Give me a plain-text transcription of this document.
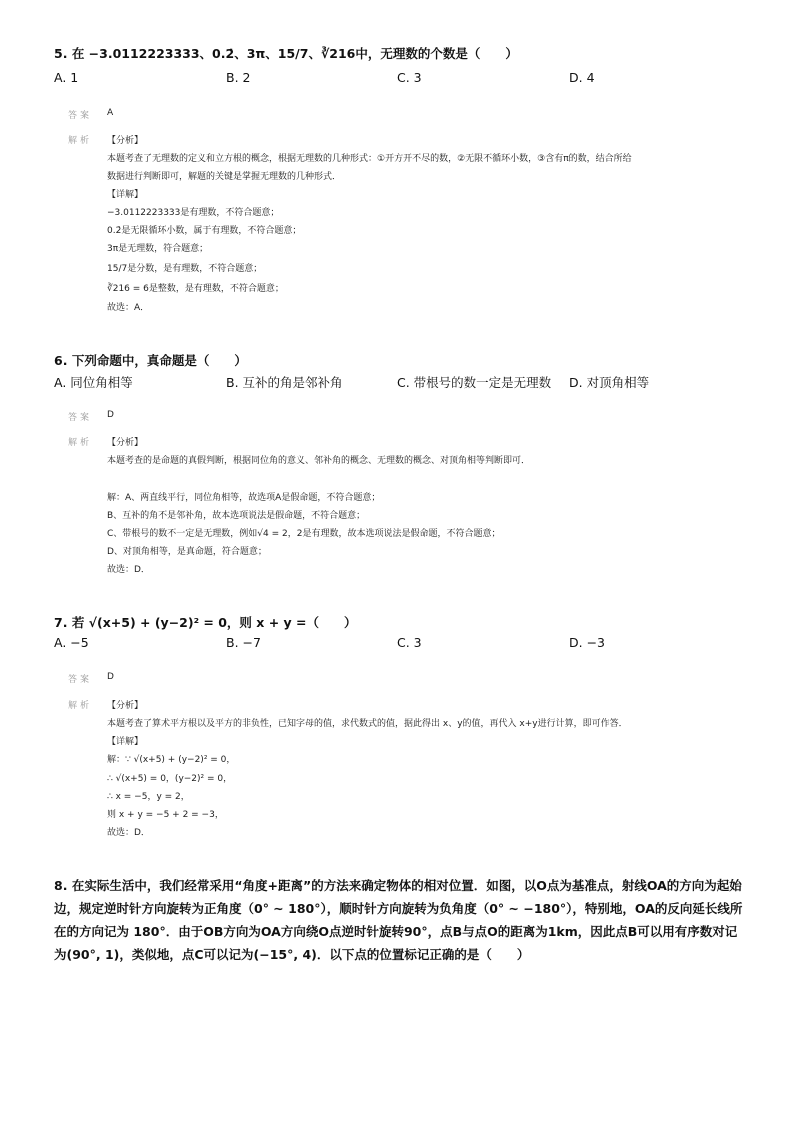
5. 在 −3.0112223333、0.2̇、3π、15/7、∛216中，无理数的个数是（　　）
A. 1	B. 2	C. 3	D. 4
答案 A
解析 【分析】
本题考查了无理数的定义和立方根的概念，根据无理数的几种形式：①开方开不尽的数，②无限不循环小数，③含有π的数，结合所给
数据进行判断即可，解题的关键是掌握无理数的几种形式．
【详解】
−3.0112223333是有理数，不符合题意；
0.2̇是无限循环小数，属于有理数，不符合题意；
3π是无理数，符合题意；
15/7是分数，是有理数，不符合题意；
∛216 = 6是整数，是有理数，不符合题意；
故选：A．
6. 下列命题中，真命题是（　　）
A. 同位角相等	B. 互补的角是邻补角	C. 带根号的数一定是无理数 D. 对顶角相等
答案 D
解析 【分析】
本题考查的是命题的真假判断，根据同位角的意义、邻补角的概念、无理数的概念、对顶角相等判断即可．
解：A、两直线平行，同位角相等，故选项A是假命题，不符合题意；
B、互补的角不是邻补角，故本选项说法是假命题，不符合题意；
C、带根号的数不一定是无理数，例如√4 = 2，2是有理数，故本选项说法是假命题，不符合题意；
D、对顶角相等，是真命题，符合题意；
故选：D．
7. 若 √(x+5) + (y−2)² = 0，则 x + y =（　　）
A. −5	B. −7	C. 3	D. −3
答案 D
解析 【分析】
本题考查了算术平方根以及平方的非负性，已知字母的值，求代数式的值，据此得出 x、y的值，再代入 x+y进行计算，即可作答．
【详解】
解：∵ √(x+5) + (y−2)² = 0，
∴ √(x+5) = 0，(y−2)² = 0，
∴ x = −5，y = 2，
则 x + y = −5 + 2 = −3，
故选：D．
8. 在实际生活中，我们经常采用“角度+距离”的方法来确定物体的相对位置．如图，以O点为基准点，射线OA的方向为起始边，规定逆时针方向旋转为正角度（0° ∼ 180°），顺时针方向旋转为负角度（0° ∼ −180°），特别地，OA的反向延长线所在的方向记为 180°．由于OB方向为OA方向绕O点逆时针旋转90°，点B与点O的距离为1km，因此点B可以用有序数对记为(90°, 1)，类似地，点C可以记为(−15°, 4)．以下点的位置标记正确的是（　　）
